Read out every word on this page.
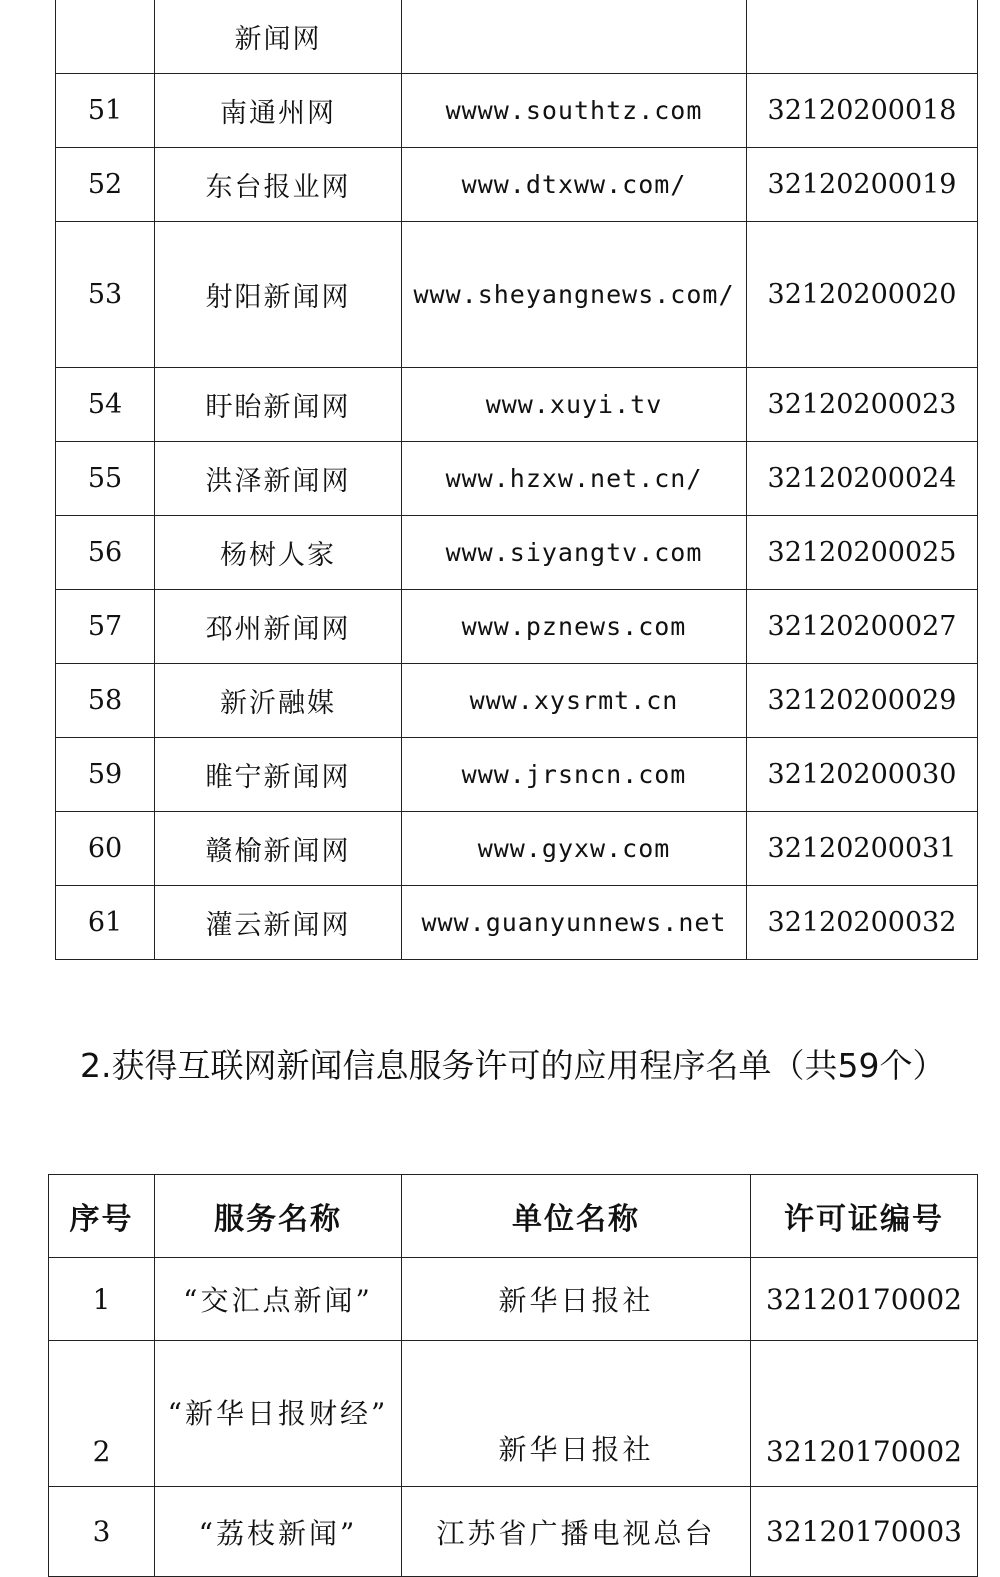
	新闻网		
51	南通州网	wwww.southtz.com	32120200018
52	东台报业网	www.dtxww.com/	32120200019
53	射阳新闻网	www.sheyangnews.com/	32120200020
54	盱眙新闻网	www.xuyi.tv	32120200023
55	洪泽新闻网	www.hzxw.net.cn/	32120200024
56	杨树人家	www.siyangtv.com	32120200025
57	邳州新闻网	www.pznews.com	32120200027
58	新沂融媒	www.xysrmt.cn	32120200029
59	睢宁新闻网	www.jrsncn.com	32120200030
60	赣榆新闻网	www.gyxw.com	32120200031
61	灌云新闻网	www.guanyunnews.net	32120200032

2.获得互联网新闻信息服务许可的应用程序名单（共59个）

序号	服务名称	单位名称	许可证编号
1	“交汇点新闻”	新华日报社	32120170002
2	“新华日报财经”	新华日报社	32120170002
3	“荔枝新闻”	江苏省广播电视总台	32120170003
